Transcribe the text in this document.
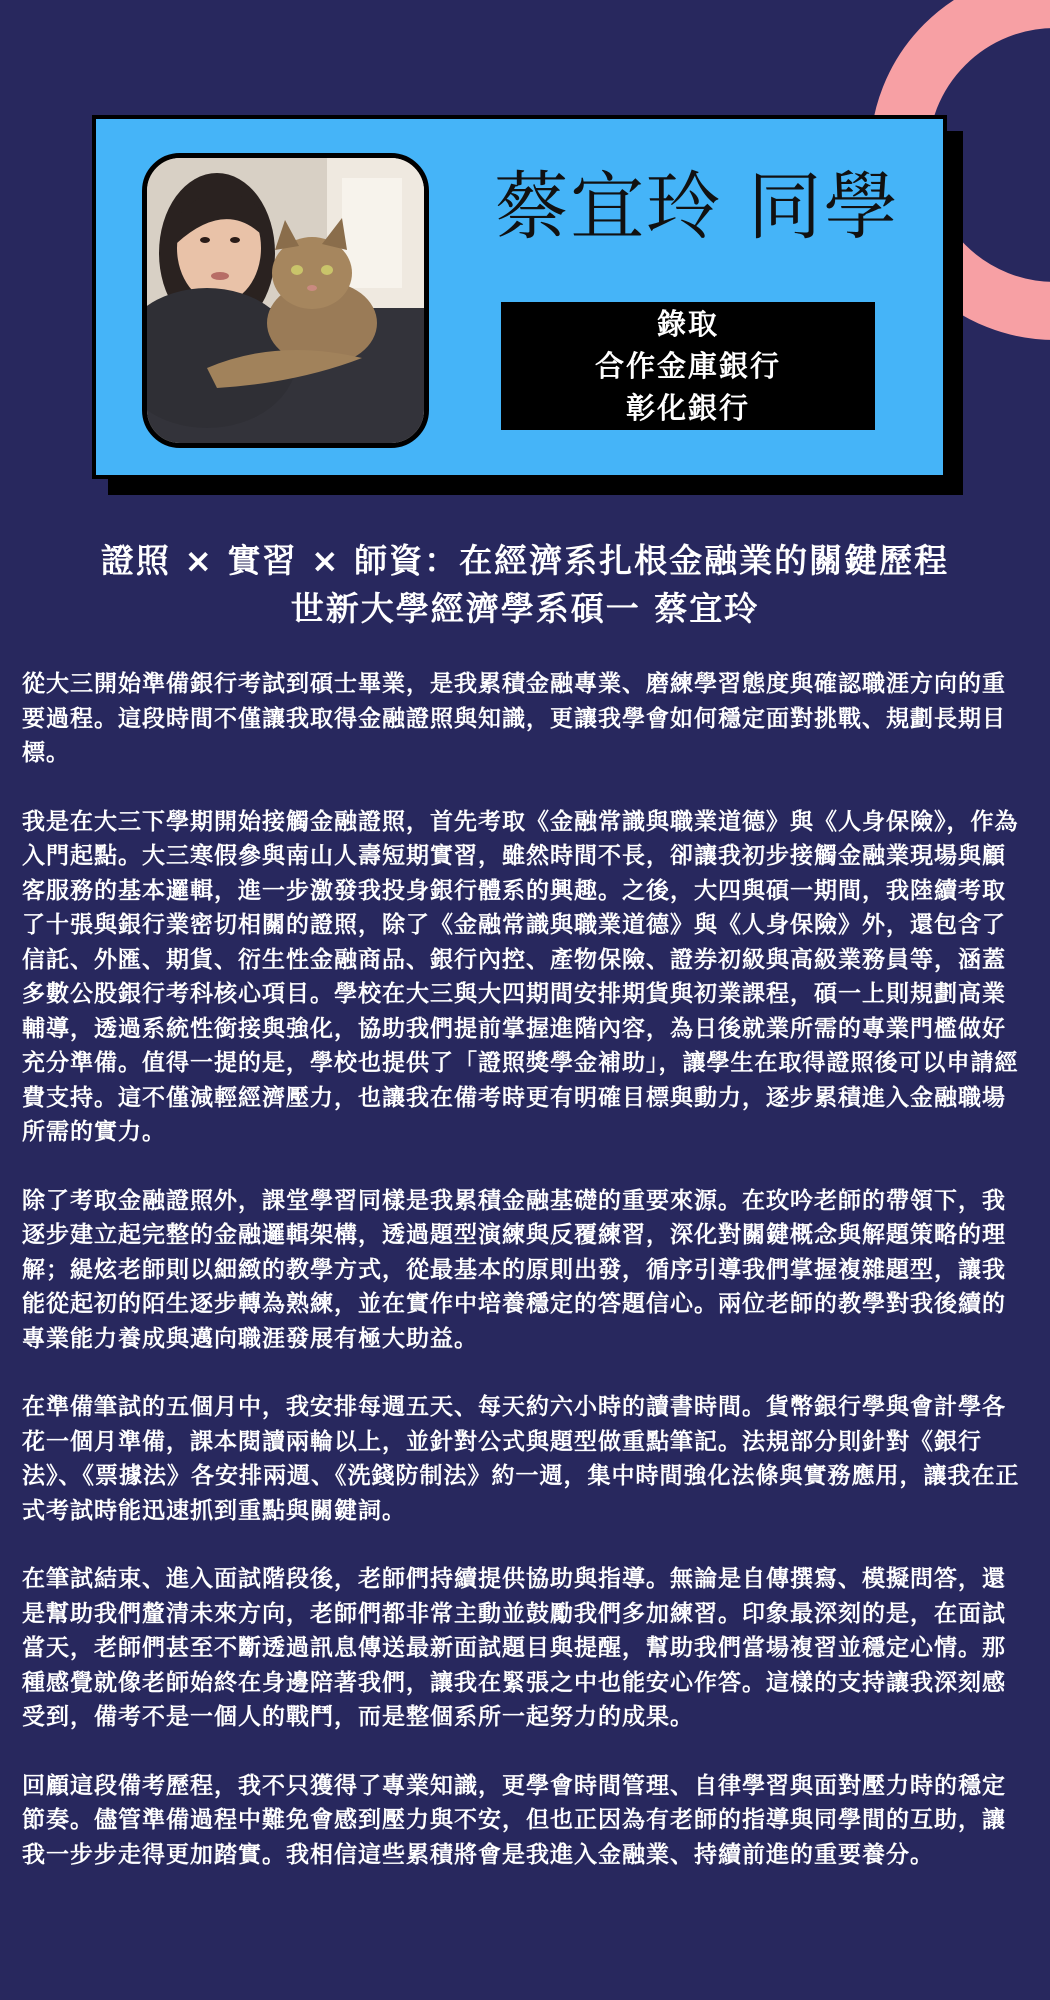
蔡宜玲 同學
錄取
合作金庫銀行
彰化銀行
證照 × 實習 × 師資：在經濟系扎根金融業的關鍵歷程
世新大學經濟學系碩一 蔡宜玲

從大三開始準備銀行考試到碩士畢業，是我累積金融專業、磨練學習態度與確認職涯方向的重要過程。這段時間不僅讓我取得金融證照與知識，更讓我學會如何穩定面對挑戰、規劃長期目標。

我是在大三下學期開始接觸金融證照，首先考取《金融常識與職業道德》與《人身保險》，作為入門起點。大三寒假參與南山人壽短期實習，雖然時間不長，卻讓我初步接觸金融業現場與顧客服務的基本邏輯，進一步激發我投身銀行體系的興趣。之後，大四與碩一期間，我陸續考取了十張與銀行業密切相關的證照，除了《金融常識與職業道德》與《人身保險》外，還包含了信託、外匯、期貨、衍生性金融商品、銀行內控、產物保險、證券初級與高級業務員等，涵蓋多數公股銀行考科核心項目。學校在大三與大四期間安排期貨與初業課程，碩一上則規劃高業輔導，透過系統性銜接與強化，協助我們提前掌握進階內容，為日後就業所需的專業門檻做好充分準備。值得一提的是，學校也提供了「證照獎學金補助」，讓學生在取得證照後可以申請經費支持。這不僅減輕經濟壓力，也讓我在備考時更有明確目標與動力，逐步累積進入金融職場所需的實力。

除了考取金融證照外，課堂學習同樣是我累積金融基礎的重要來源。在玫吟老師的帶領下，我逐步建立起完整的金融邏輯架構，透過題型演練與反覆練習，深化對關鍵概念與解題策略的理解；緹炫老師則以細緻的教學方式，從最基本的原則出發，循序引導我們掌握複雜題型，讓我能從起初的陌生逐步轉為熟練，並在實作中培養穩定的答題信心。兩位老師的教學對我後續的專業能力養成與邁向職涯發展有極大助益。

在準備筆試的五個月中，我安排每週五天、每天約六小時的讀書時間。貨幣銀行學與會計學各花一個月準備，課本閱讀兩輪以上，並針對公式與題型做重點筆記。法規部分則針對《銀行法》、《票據法》各安排兩週、《洗錢防制法》約一週，集中時間強化法條與實務應用，讓我在正式考試時能迅速抓到重點與關鍵詞。

在筆試結束、進入面試階段後，老師們持續提供協助與指導。無論是自傳撰寫、模擬問答，還是幫助我們釐清未來方向，老師們都非常主動並鼓勵我們多加練習。印象最深刻的是，在面試當天，老師們甚至不斷透過訊息傳送最新面試題目與提醒，幫助我們當場複習並穩定心情。那種感覺就像老師始終在身邊陪著我們，讓我在緊張之中也能安心作答。這樣的支持讓我深刻感受到，備考不是一個人的戰鬥，而是整個系所一起努力的成果。

回顧這段備考歷程，我不只獲得了專業知識，更學會時間管理、自律學習與面對壓力時的穩定節奏。儘管準備過程中難免會感到壓力與不安，但也正因為有老師的指導與同學間的互助，讓我一步步走得更加踏實。我相信這些累積將會是我進入金融業、持續前進的重要養分。
